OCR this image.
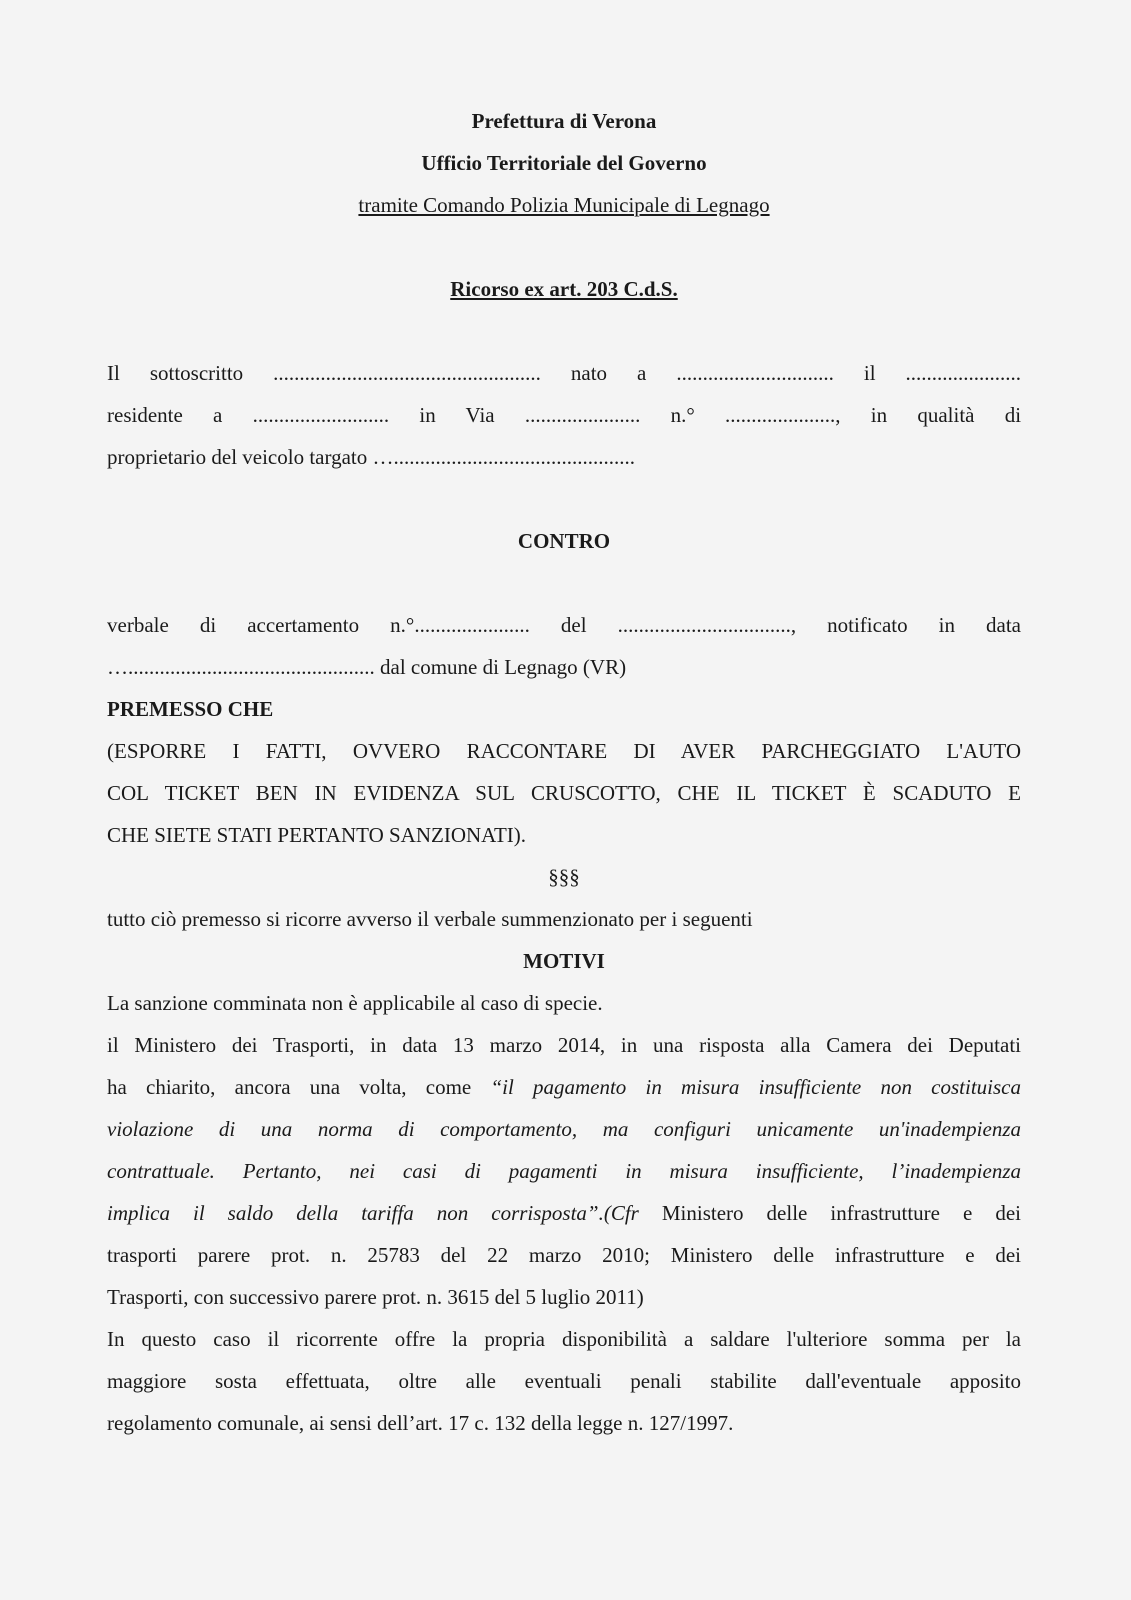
Prefettura di Verona
Ufficio Territoriale del Governo
tramite Comando Polizia Municipale di Legnago
Ricorso ex art. 203 C.d.S.
Il sottoscritto ................................................... nato a .............................. il ......................
residente a .......................... in Via ...................... n.° ....................., in qualità di
proprietario del veicolo targato …..............................................
CONTRO
verbale di accertamento n.°...................... del ................................., notificato in data
…............................................... dal comune di Legnago (VR)
PREMESSO CHE
(ESPORRE I FATTI, OVVERO RACCONTARE DI AVER PARCHEGGIATO L'AUTO
COL TICKET BEN IN EVIDENZA SUL CRUSCOTTO, CHE IL TICKET È SCADUTO E
CHE SIETE STATI PERTANTO SANZIONATI).
§§§
tutto ciò premesso si ricorre avverso il verbale summenzionato per i seguenti
MOTIVI
La sanzione comminata non è applicabile al caso di specie.
il Ministero dei Trasporti, in data 13 marzo 2014, in una risposta alla Camera dei Deputati
ha chiarito, ancora una volta, come “il pagamento in misura insufficiente non costituisca
violazione di una norma di comportamento, ma configuri unicamente un'inadempienza
contrattuale. Pertanto, nei casi di pagamenti in misura insufficiente, l’inadempienza
implica il saldo della tariffa non corrisposta”.(Cfr Ministero delle infrastrutture e dei
trasporti parere prot. n. 25783 del 22 marzo 2010; Ministero delle infrastrutture e dei
Trasporti, con successivo parere prot. n. 3615 del 5 luglio 2011)
In questo caso il ricorrente offre la propria disponibilità a saldare l'ulteriore somma per la
maggiore sosta effettuata, oltre alle eventuali penali stabilite dall'eventuale apposito
regolamento comunale, ai sensi dell’art. 17 c. 132 della legge n. 127/1997.
